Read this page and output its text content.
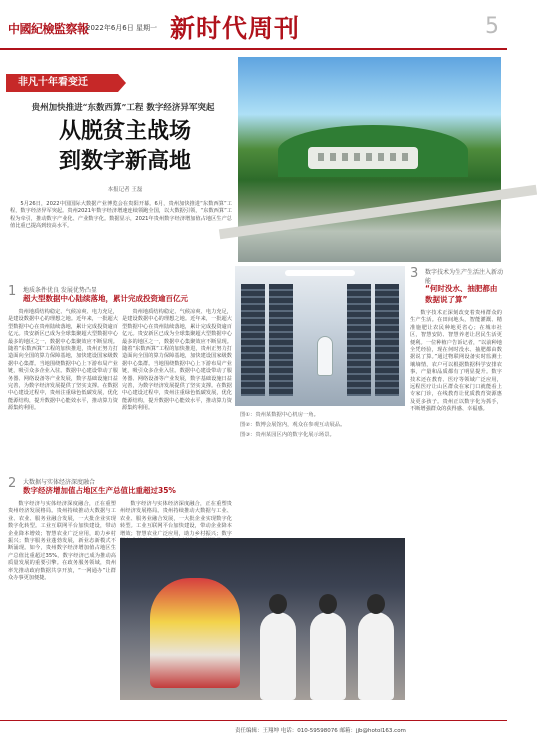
中國紀檢監察報
2022年6月6日 星期一 新时代周刊	5
非凡十年看变迁
贵州加快推进“东数西算”工程 数字经济异军突起
从脱贫主战场
到数字新高地
本报记者 王磊
5月26日，2022中国国际大数据产业博览会在贵阳开幕。6月，贵州加快推进“东数西算”工程，数字经济异军突起。贵州2021年数字经济增速连续领跑全国，以大数据引领，“东数西算”工程为牵引，推动数字产业化、产业数字化。数据显示，2021年贵州数字经济增加值占地区生产总值比重已提高到较高水平。
1 地质条件优良 发展优势凸显
超大型数据中心陆续落地，累计完成投资逾百亿元
贵州地质结构稳定、气候凉爽、电力充足，是建设数据中心的理想之地。近年来，一批超大型数据中心在贵州陆续落地，累计完成投资逾百亿元。贵安新区已成为全球集聚超大型数据中心最多的地区之一，数据中心集聚效应不断显现。随着“东数西算”工程的加快推进，贵州正努力打造面向全国的算力保障基地，加快建设国家级数据中心集群。当地围绕数据中心上下游布局产业链，吸引众多企业入驻。数据中心建设带动了服务器、网络设备等产业发展，数字基础设施日益完善，为数字经济发展提供了坚实支撑。在数据中心建设过程中，贵州注重绿色低碳发展，优化能源结构，提升数据中心能效水平，推动算力资源集约利用。
贵州地质结构稳定、气候凉爽、电力充足，是建设数据中心的理想之地。近年来，一批超大型数据中心在贵州陆续落地，累计完成投资逾百亿元。贵安新区已成为全球集聚超大型数据中心最多的地区之一，数据中心集聚效应不断显现。随着“东数西算”工程的加快推进，贵州正努力打造面向全国的算力保障基地，加快建设国家级数据中心集群。当地围绕数据中心上下游布局产业链，吸引众多企业入驻。数据中心建设带动了服务器、网络设备等产业发展，数字基础设施日益完善，为数字经济发展提供了坚实支撑。在数据中心建设过程中，贵州注重绿色低碳发展，优化能源结构，提升数据中心能效水平，推动算力资源集约利用。
2 大数据与实体经济深度融合
数字经济增加值占地区生产总值比重超过35%
数字经济与实体经济深度融合，正在重塑贵州经济发展格局。贵州持续推动大数据与工业、农业、服务业融合发展，一大批企业实现数字化转型。工业互联网平台加快建设，带动企业降本增效；智慧农业广泛应用，助力乡村振兴；数字服务业蓬勃发展，新业态新模式不断涌现。如今，贵州数字经济增加值占地区生产总值比重超过35%，数字经济已成为推动高质量发展的重要引擎。在政务服务领域，贵州率先推动政府数据共享开放，“一网通办”让群众办事更加便捷。
数字经济与实体经济深度融合，正在重塑贵州经济发展格局。贵州持续推动大数据与工业、农业、服务业融合发展，一大批企业实现数字化转型。工业互联网平台加快建设，带动企业降本增效；智慧农业广泛应用，助力乡村振兴；数字
3 数字技术为生产生活注入新动能
“何时没水、抽肥都由数据说了算”
数字技术正深刻改变着贵州群众的生产生活。在田间地头，智能灌溉、精准施肥让农民种地更省心；在城市社区，智慧安防、智慧养老让居民生活更便利。一位种植户告诉记者，“以前种地全凭经验，现在何时没水、抽肥都由数据说了算。”通过物联网设备实时监测土壤墒情，农户可以根据数据科学安排农事，产量和品质都有了明显提升。数字技术还在教育、医疗等领域广泛应用，远程医疗让山区群众在家门口就能看上专家门诊，在线教育让优质教育资源惠及更多孩子。贵州正以数字化为抓手，不断增强群众的获得感、幸福感。
图①：贵州某数据中心机房一角。
图②：数博会展馆内，观众在参观互动展品。
图③：贵州某园区内的数字化展示场景。
责任编辑：王翔坤 电话：010-59598076 邮箱：jjb@hotol163.com
